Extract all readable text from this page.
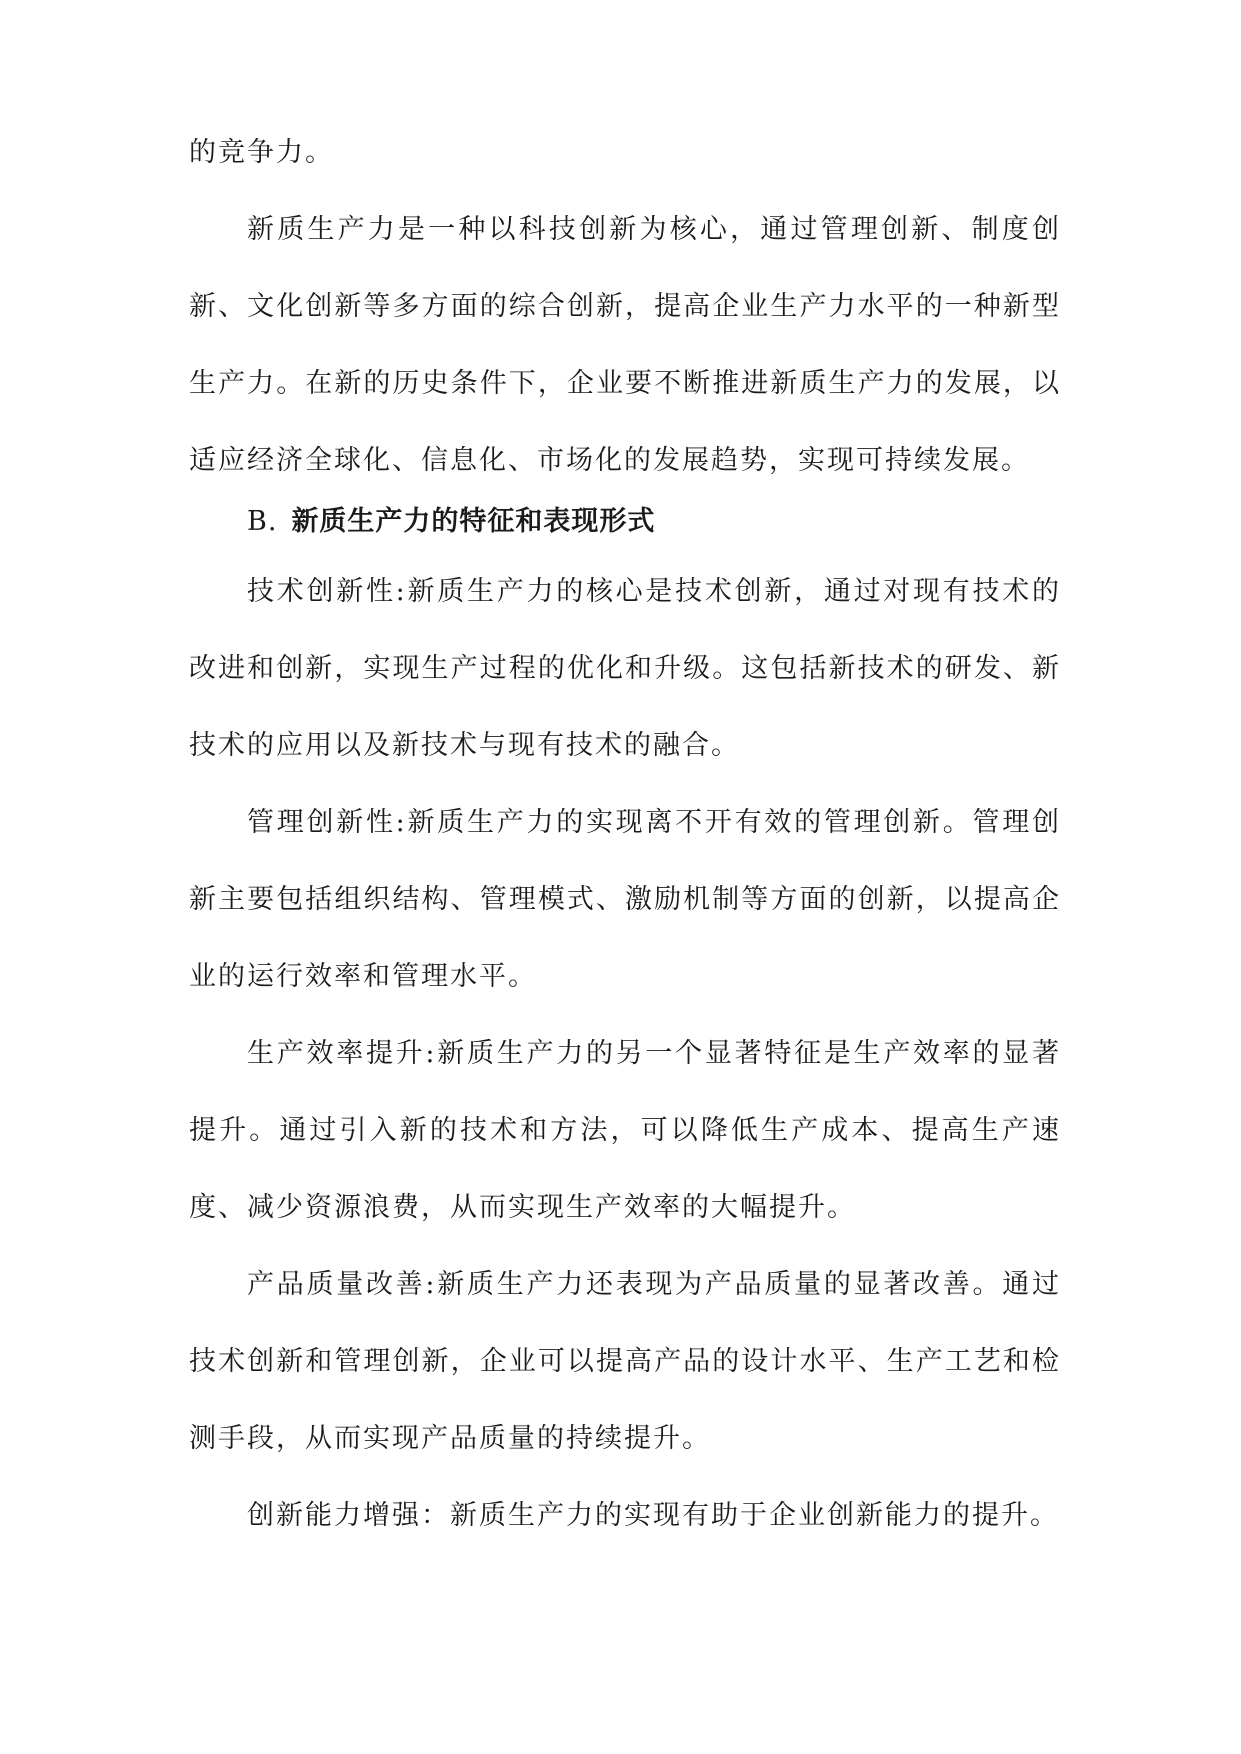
的竞争力。

新质生产力是一种以科技创新为核心，通过管理创新、制度创新、文化创新等多方面的综合创新，提高企业生产力水平的一种新型生产力。在新的历史条件下，企业要不断推进新质生产力的发展，以适应经济全球化、信息化、市场化的发展趋势，实现可持续发展。

B. 新质生产力的特征和表现形式

技术创新性:新质生产力的核心是技术创新，通过对现有技术的改进和创新，实现生产过程的优化和升级。这包括新技术的研发、新技术的应用以及新技术与现有技术的融合。

管理创新性:新质生产力的实现离不开有效的管理创新。管理创新主要包括组织结构、管理模式、激励机制等方面的创新，以提高企业的运行效率和管理水平。

生产效率提升:新质生产力的另一个显著特征是生产效率的显著提升。通过引入新的技术和方法，可以降低生产成本、提高生产速度、减少资源浪费，从而实现生产效率的大幅提升。

产品质量改善:新质生产力还表现为产品质量的显著改善。通过技术创新和管理创新，企业可以提高产品的设计水平、生产工艺和检测手段，从而实现产品质量的持续提升。

创新能力增强：新质生产力的实现有助于企业创新能力的提升。
